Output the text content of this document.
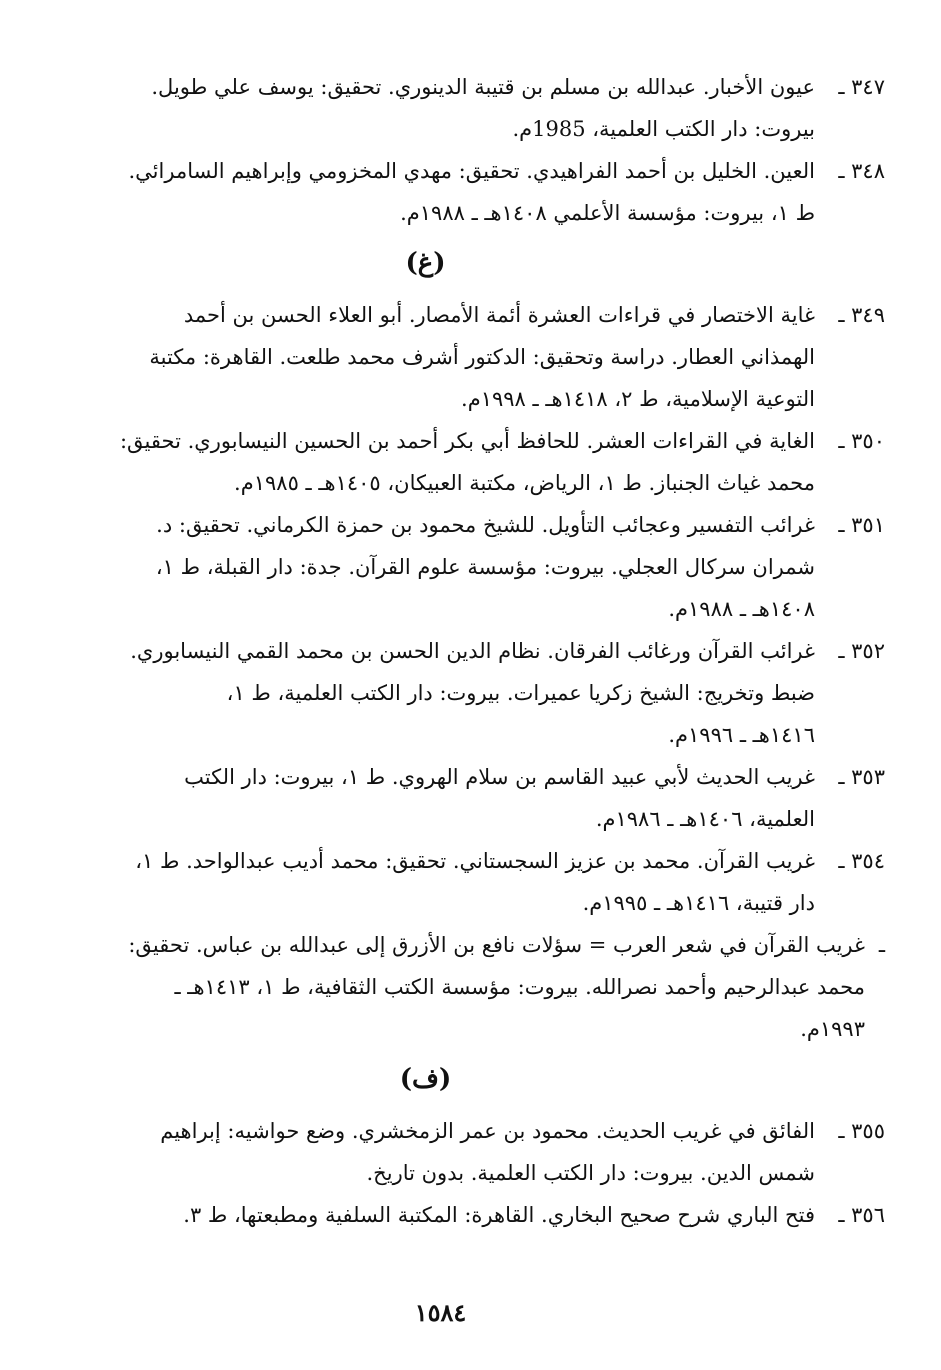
٣٤٧ ـ
عيون الأخبار. عبدالله بن مسلم بن قتيبة الدينوري. تحقيق: يوسف علي طويل.
بيروت: دار الكتب العلمية، 1985م.
٣٤٨ ـ
العين. الخليل بن أحمد الفراهيدي. تحقيق: مهدي المخزومي وإبراهيم السامرائي.
ط ١، بيروت: مؤسسة الأعلمي ١٤٠٨هـ ـ ١٩٨٨م.
(غ)
٣٤٩ ـ
غاية الاختصار في قراءات العشرة أئمة الأمصار. أبو العلاء الحسن بن أحمد
الهمذاني العطار. دراسة وتحقيق: الدكتور أشرف محمد طلعت. القاهرة: مكتبة
التوعية الإسلامية، ط ٢، ١٤١٨هـ ـ ١٩٩٨م.
٣٥٠ ـ
الغاية في القراءات العشر. للحافظ أبي بكر أحمد بن الحسين النيسابوري. تحقيق:
محمد غياث الجنباز. ط ١، الرياض، مكتبة العبيكان، ١٤٠٥هـ ـ ١٩٨٥م.
٣٥١ ـ
غرائب التفسير وعجائب التأويل. للشيخ محمود بن حمزة الكرماني. تحقيق: د.
شمران سركال العجلي. بيروت: مؤسسة علوم القرآن. جدة: دار القبلة، ط ١،
١٤٠٨هـ ـ ١٩٨٨م.
٣٥٢ ـ
غرائب القرآن ورغائب الفرقان. نظام الدين الحسن بن محمد القمي النيسابوري.
ضبط وتخريج: الشيخ زكريا عميرات. بيروت: دار الكتب العلمية، ط ١،
١٤١٦هـ ـ ١٩٩٦م.
٣٥٣ ـ
غريب الحديث لأبي عبيد القاسم بن سلام الهروي. ط ١، بيروت: دار الكتب
العلمية، ١٤٠٦هـ ـ ١٩٨٦م.
٣٥٤ ـ
غريب القرآن. محمد بن عزيز السجستاني. تحقيق: محمد أديب عبدالواحد. ط ١،
دار قتيبة، ١٤١٦هـ ـ ١٩٩٥م.
ـ
غريب القرآن في شعر العرب = سؤلات نافع بن الأزرق إلى عبدالله بن عباس. تحقيق:
محمد عبدالرحيم وأحمد نصرالله. بيروت: مؤسسة الكتب الثقافية، ط ١، ١٤١٣هـ ـ
١٩٩٣م.
(ف)
٣٥٥ ـ
الفائق في غريب الحديث. محمود بن عمر الزمخشري. وضع حواشيه: إبراهيم
شمس الدين. بيروت: دار الكتب العلمية. بدون تاريخ.
٣٥٦ ـ
فتح الباري شرح صحيح البخاري. القاهرة: المكتبة السلفية ومطبعتها، ط ٣.
١٥٨٤
